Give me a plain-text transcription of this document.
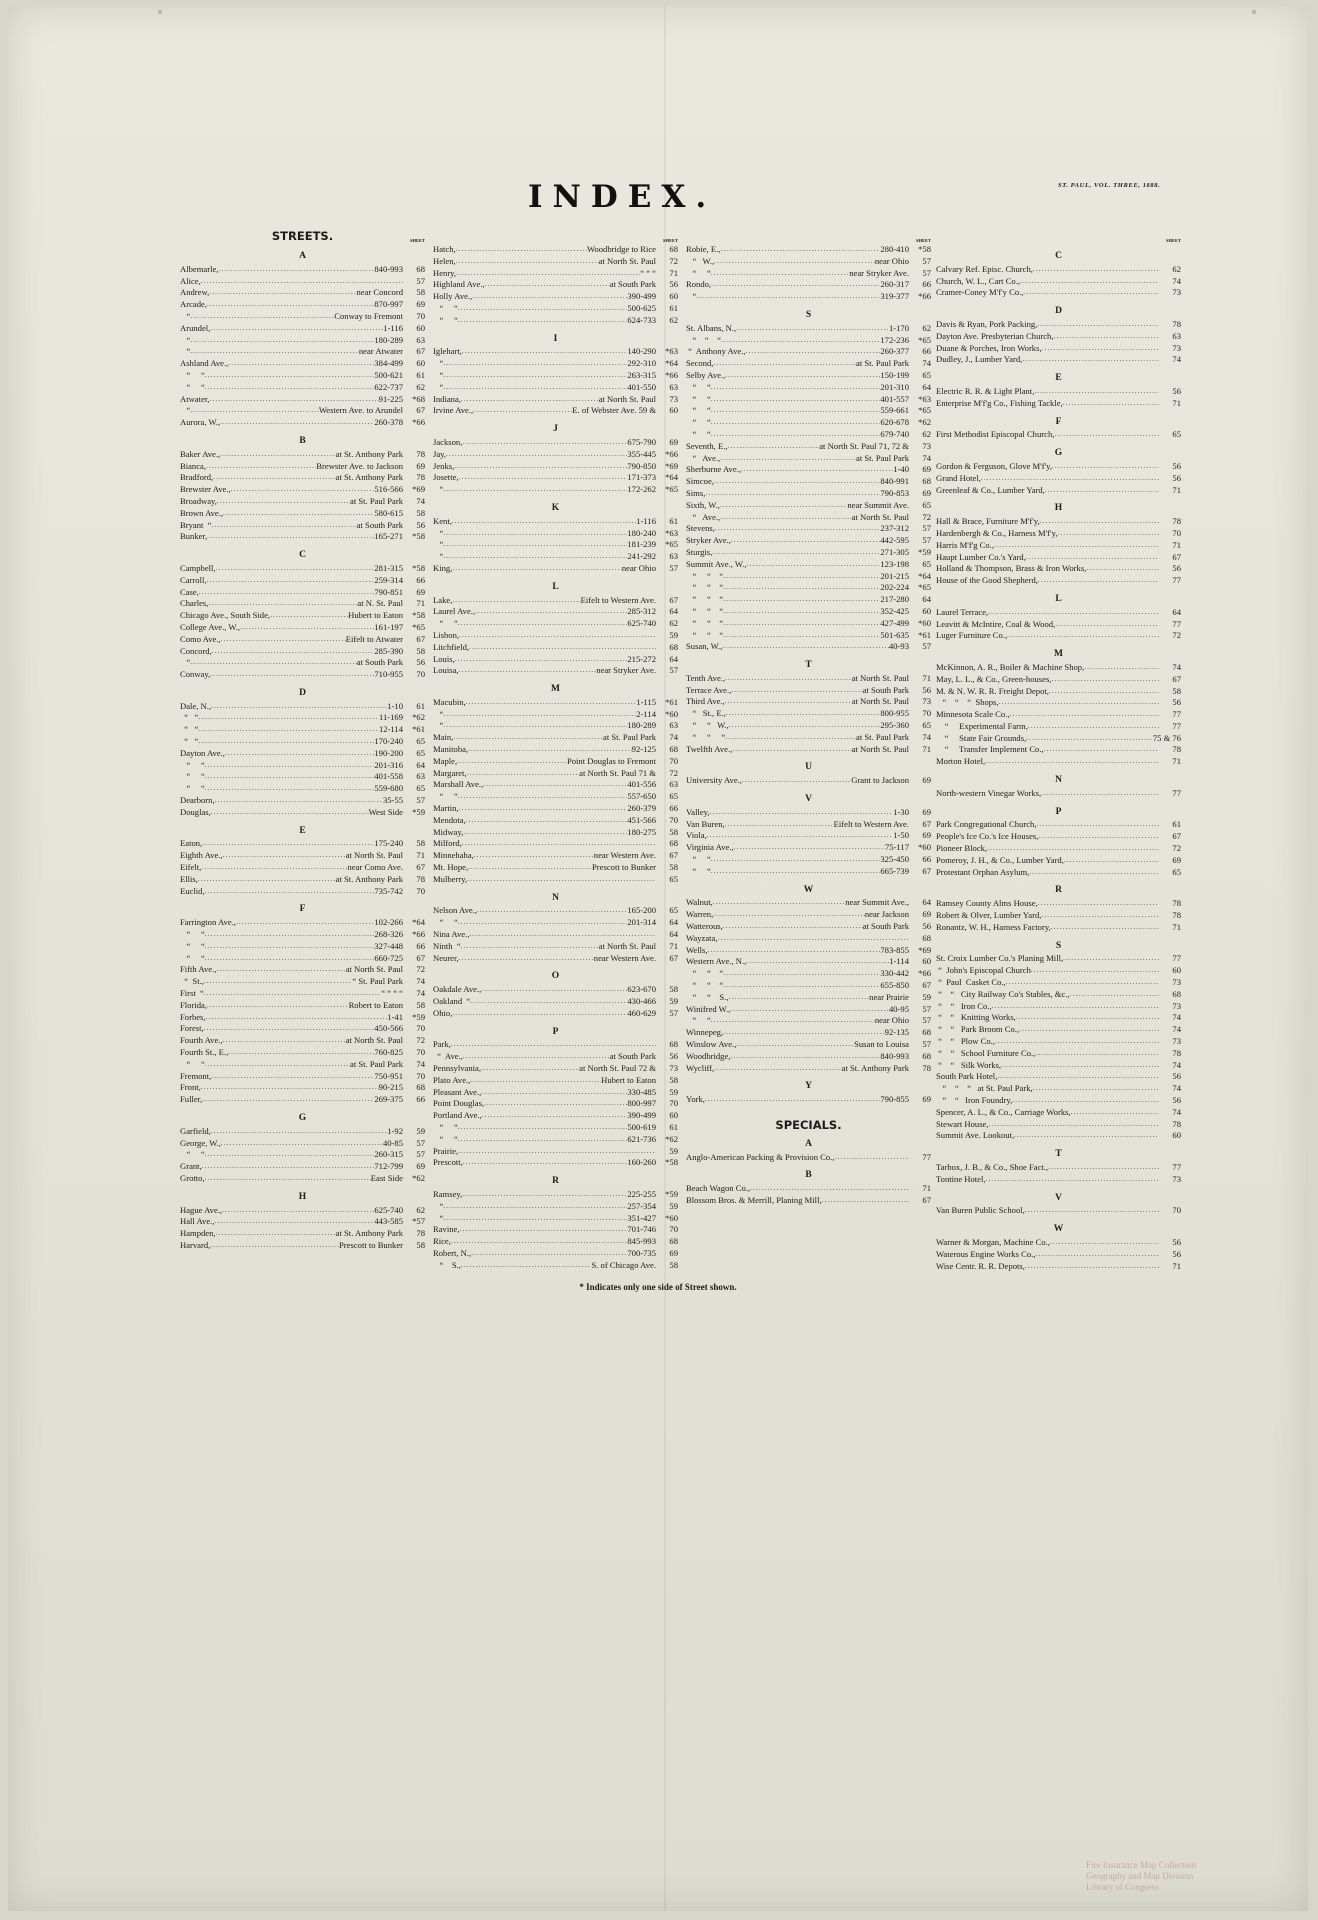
INDEX.	ST. PAUL, VOL. THREE, 1888.
STREETS.	SHEET
A
Albemarle, .....	840-993	68
Alice, .....	57
Andrew, .....	near Concord	58
Arcade, .....	870-997	69
“ .....	Conway to Fremont	70
Arundel, .....	1-116	60
“ .....	180-289	63
“ .....	near Atwater	67
Ashland Ave., .....	384-499	60
“     “ .....	500-621	61
“     “ .....	622-737	62
Atwater, .....	91-225	*68
“ .....	Western Ave. to Arundel	67
Aurora, W., .....	260-378	*66
B
Baker Ave., .....	at St. Anthony Park	78
Bianca, .....	Brewster Ave. to Jackson	69
Bradford, .....	at St. Anthony Park	78
Brewster Ave., .....	516-566	*69
Broadway, .....	at St. Paul Park	74
Brown Ave., .....	580-615	58
Bryant  “ .....	at South Park	56
Bunker, .....	165-271	*58
C
Campbell, .....	281-315	*58
Carroll, .....	259-314	66
Case, .....	790-851	69
Charles, .....	at N. St. Paul	71
Chicago Ave., South Side, .....	Hubert to Eaton	*58
College Ave., W., .....	161-197	*65
Como Ave., .....	Eifelt to Atwater	67
Concord, .....	285-390	58
“ .....	at South Park	56
Conway, .....	710-955	70
D
Dale, N., .....	1-10	61
“   “ .....	11-169	*62
“   “ .....	12-114	*61
“   “ .....	170-240	65
Dayton Ave., .....	190-200	65
“     “ .....	201-316	64
“     “ .....	401-558	63
“     “ .....	559-680	65
Dearborn, .....	35-55	57
Douglas, .....	West Side	*59
E
Eaton, .....	175-240	58
Eighth Ave., .....	at North St. Paul	71
Eifelt, .....	near Como Ave.	67
Ellis, .....	at St. Anthony Park	78
Euclid, .....	735-742	70
F
Farrington Ave., .....	102-266	*64
“     “ .....	268-326	*66
“     “ .....	327-448	66
“     “ .....	660-725	67
Fifth Ave., .....	at North St. Paul	72
“  St., .....	“ St. Paul Park	74
First  “ .....	“ “ “ “	74
Florida, .....	Robert to Eaton	58
Forbes, .....	1-41	*59
Forest, .....	450-566	70
Fourth Ave., .....	at North St. Paul	72
Fourth St., E., .....	760-825	70
“     “ .....	at St. Paul Park	74
Fremont, .....	750-951	70
Front, .....	90-215	68
Fuller, .....	269-375	66
G
Garfield, .....	1-92	59
George, W., .....	40-85	57
“     “ .....	260-315	57
Grant, .....	712-799	69
Grotto, .....	East Side	*62
H
Hague Ave., .....	625-740	62
Hall Ave., .....	443-585	*57
Hampden, .....	at St. Anthony Park	78
Harvard, .....	Prescott to Bunker	58
SHEET
Hatch, .....	Woodbridge to Rice	68
Helen, .....	at North St. Paul	72
Henry, .....	“ “ “	71
Highland Ave., .....	at South Park	56
Holly Ave., .....	390-499	60
“     “ .....	500-625	61
“     “ .....	624-733	62
I
Iglehart, .....	140-290	*63
“ .....	292-310	*64
“ .....	263-315	*66
“ .....	401-550	63
Indiana, .....	at North St. Paul	73
Irvine Ave., .....	E. of Webster Ave. 59 &	60
J
Jackson, .....	675-790	69
Jay, .....	355-445	*66
Jenks, .....	790-850	*69
Josette, .....	171-373	*64
“ .....	172-262	*65
K
Kent, .....	1-116	61
“ .....	180-240	*63
“ .....	181-239	*65
“ .....	241-292	63
King, .....	near Ohio	57
L
Lake, .....	Eifelt to Western Ave.	67
Laurel Ave., .....	285-312	64
“     “ .....	625-740	62
Lisbon, .....	59
Litchfield, .....	68
Louis, .....	215-272	64
Louisa, .....	near Stryker Ave.	57
M
Macubin, .....	1-115	*61
“ .....	2-114	*60
“ .....	180-289	63
Main, .....	at St. Paul Park	74
Manitoba, .....	92-125	68
Maple, .....	Point Douglas to Fremont	70
Margaret, .....	at North St. Paul 71 &	72
Marshall Ave., .....	401-556	63
“     “ .....	557-650	65
Martin, .....	260-379	66
Mendota, .....	451-566	70
Midway, .....	180-275	58
Milford, .....	68
Minnehaha, .....	near Western Ave.	67
Mt. Hope, .....	Prescott to Bunker	58
Mulberry, .....	65
N
Nelson Ave., .....	165-200	65
“     “ .....	201-314	64
Nina Ave., .....	64
Ninth  “ .....	at North St. Paul	71
Neurer, .....	near Western Ave.	67
O
Oakdale Ave., .....	623-670	58
Oakland  “ .....	430-466	59
Ohio, .....	460-629	57
P
Park, .....	68
“  Ave., .....	at South Park	56
Pennsylvania, .....	at North St. Paul 72 &	73
Plato Ave., .....	Hubert to Eaton	58
Pleasant Ave., .....	330-485	59
Point Douglas, .....	800-997	70
Portland Ave., .....	390-499	60
“     “ .....	500-619	61
“     “ .....	621-736	*62
Prairie, .....	59
Prescott, .....	160-260	*58
R
Ramsey, .....	225-255	*59
“ .....	257-354	59
“ .....	351-427	*60
Ravine, .....	701-746	70
Rice, .....	845-993	68
Robert, N., .....	700-735	69
“    S., .....	S. of Chicago Ave.	58
SHEET
Robie, E., .....	280-410	*58
“   W., .....	near Ohio	57
“     “ .....	near Stryker Ave.	57
Rondo, .....	260-317	66
“ .....	319-377	*66
S
St. Albans, N., .....	1-170	62
“    “    “ .....	172-236	*65
“  Anthony Ave., .....	260-377	66
Second, .....	at St. Paul Park	74
Selby Ave., .....	150-199	65
“     “ .....	201-310	64
“     “ .....	401-557	*63
“     “ .....	559-661	*65
“     “ .....	620-678	*62
“     “ .....	679-740	62
Seventh, E., .....	at North St. Paul 71, 72 &	73
“   Ave., .....	at St. Paul Park	74
Sherburne Ave., .....	1-40	69
Simcoe, .....	840-991	68
Sims, .....	790-853	69
Sixth, W., .....	near Summit Ave.	65
“   Ave., .....	at North St. Paul	72
Stevens, .....	237-312	57
Stryker Ave., .....	442-595	57
Sturgis, .....	271-305	*59
Summit Ave., W., .....	123-198	65
“     “    “ .....	201-215	*64
“     “    “ .....	202-224	*65
“     “    “ .....	217-280	64
“     “    “ .....	352-425	60
“     “    “ .....	427-499	*60
“     “    “ .....	501-635	*61
Susan, W., .....	40-93	57
T
Tenth Ave., .....	at North St. Paul	71
Terrace Ave., .....	at South Park	56
Third Ave., .....	at North St. Paul	73
“   St., E., .....	800-955	70
“     “   W., .....	295-360	65
“     “     “ .....	at St. Paul Park	74
Twelfth Ave., .....	at North St. Paul	71
U
University Ave., .....	Grant to Jackson	69
V
Valley, .....	1-30	69
Van Buren, .....	Eifelt to Western Ave.	67
Viola, .....	1-50	69
Virginia Ave., .....	75-117	*60
“     “ .....	325-450	66
“     “ .....	665-739	67
W
Walnut, .....	near Summit Ave.,	64
Warren, .....	near Jackson	69
Watterous, .....	at South Park	56
Wayzata, .....	68
Wells, .....	783-855	*69
Western Ave., N., .....	1-114	60
“     “    “ .....	330-442	*66
“     “    “ .....	655-850	67
“     “    S., .....	near Prairie	59
Winifred W., .....	40-95	57
“     “ .....	near Ohio	57
Winnepeg, .....	92-135	68
Winslow Ave., .....	Susan to Louisa	57
Woodbridge, .....	840-993	68
Wycliff, .....	at St. Anthony Park	78
Y
York, .....	790-855	69
SPECIALS.
A
Anglo-American Packing & Provision Co., .....	77
B
Beach Wagon Co., .....	71
Blossom Bros. & Merrill, Planing Mill, .....	67
SHEET
C
Calvary Ref. Episc. Church, .....	62
Church, W. L., Cart Co., .....	74
Cramer-Coney M'f'y Co., .....	73
D
Davis & Ryan, Pork Packing, .....	78
Dayton Ave. Presbyterian Church, .....	63
Duane & Porches, Iron Works, .....	73
Dudley, J., Lumber Yard, .....	74
E
Electric R. R. & Light Plant, .....	56
Enterprise M'f'g Co., Fishing Tackle, .....	71
F
First Methodist Episcopal Church, .....	65
G
Gordon & Ferguson, Glove M'f'y, .....	56
Grand Hotel, .....	56
Greenleaf & Co., Lumber Yard, .....	71
H
Hall & Brace, Furniture M'f'y, .....	78
Hardenbergh & Co., Harness M'f'y, .....	70
Harris M'f'g Co., .....	71
Haupt Lumber Co.'s Yard, .....	67
Holland & Thompson, Brass & Iron Works, .....	56
House of the Good Shepherd, .....	77
L
Laurel Terrace, .....	64
Leavitt & McIntire, Coal & Wood, .....	77
Luger Furniture Co., .....	72
M
McKinnon, A. R., Boiler & Machine Shop, .....	74
May, L. L., & Co., Green-houses, .....	67
M. & N. W. R. R. Freight Depot, .....	58
“    “    “  Shops, .....	56
Minnesota Scale Co., .....	77
“     Experimental Farm, .....	77
“     State Fair Grounds, .....	75 & 76
“     Transfer Implement Co., .....	78
Morton Hotel, .....	71
N
North-western Vinegar Works, .....	77
P
Park Congregational Church, .....	61
People's Ice Co.'s Ice Houses, .....	67
Pioneer Block, .....	72
Pomeroy, J. H., & Co., Lumber Yard, .....	69
Protestant Orphan Asylum, .....	65
R
Ramsey County Alms House, .....	78
Robert & Olver, Lumber Yard, .....	78
Ronantz, W. H., Harness Factory, .....	71
S
St. Croix Lumber Co.'s Planing Mill, .....	77
“  John's Episcopal Church .....	60
“  Paul  Casket Co., .....	73
“    “   City Railway Co's Stables, &c., .....	68
“    “   Iron Co., .....	73
“    “   Knitting Works, .....	74
“    “   Park Broom Co., .....	74
“    “   Plow Co., .....	73
“    “   School Furniture Co., .....	78
“    “   Silk Works, .....	74
South Park Hotel, .....	56
“    “    “   at St. Paul Park, .....	74
“    “   Iron Foundry, .....	56
Spencer, A. L., & Co., Carriage Works, .....	74
Stewart House, .....	78
Summit Ave. Lookout, .....	60
T
Tarbox, J. B., & Co., Shoe Fact., .....	77
Tontine Hotel, .....	73
V
Van Buren Public School, .....	70
W
Warner & Morgan, Machine Co., .....	56
Waterous Engine Works Co., .....	56
Wise Centr. R. R. Depots, .....	71
* Indicates only one side of Street shown.
Fire Insurance Map Collection
Geography and Map Division
Library of Congress
